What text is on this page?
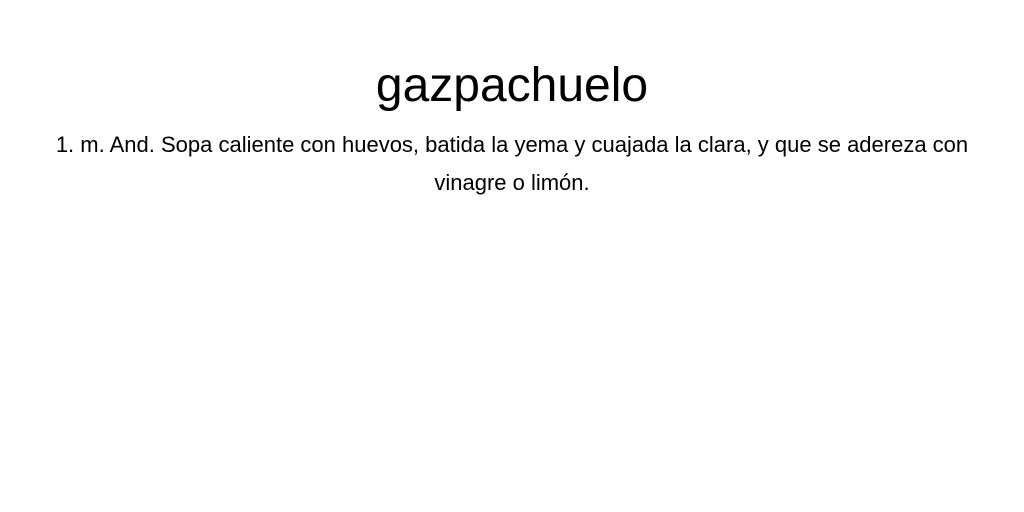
gazpachuelo

1. m. And. Sopa caliente con huevos, batida la yema y cuajada la clara, y que se adereza con vinagre o limón.
